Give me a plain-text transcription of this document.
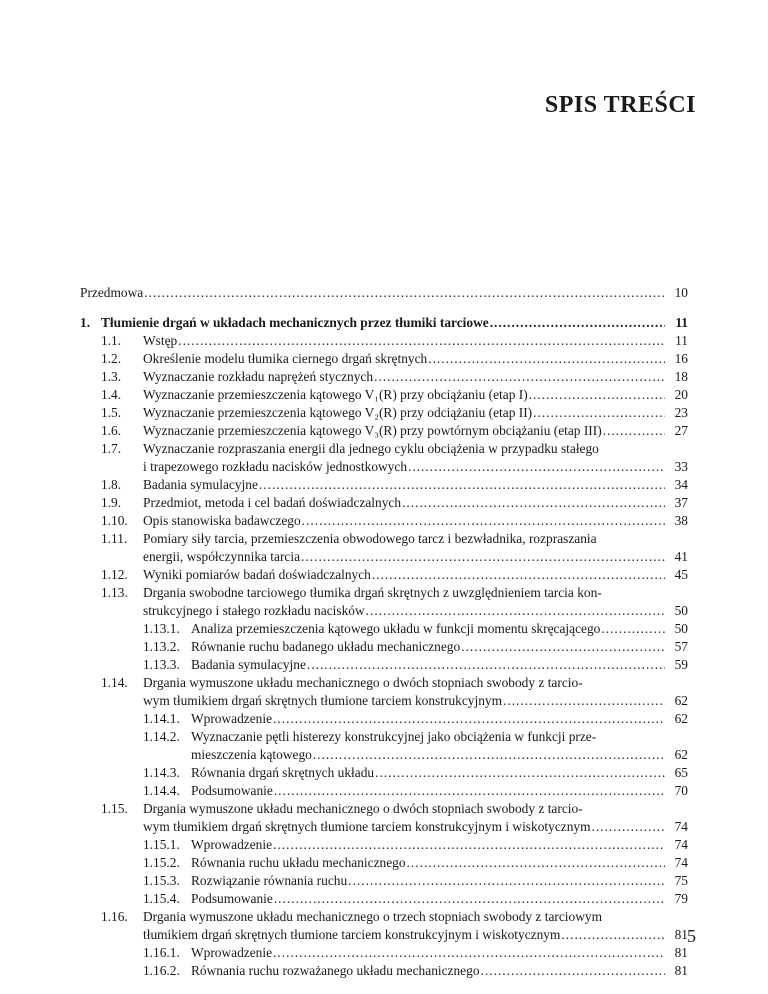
SPIS TREŚCI
Przedmowa .....	10
1. Tłumienie drgań w układach mechanicznych przez tłumiki tarciowe .....	11
1.1.	Wstęp .....	11
1.2.	Określenie modelu tłumika ciernego drgań skrętnych .....	16
1.3.	Wyznaczanie rozkładu naprężeń stycznych .....	18
1.4.	Wyznaczanie przemieszczenia kątowego V₁(R) przy obciążaniu (etap I) .....	20
1.5.	Wyznaczanie przemieszczenia kątowego V₂(R) przy odciążaniu (etap II) .....	23
1.6.	Wyznaczanie przemieszczenia kątowego V₃(R) przy powtórnym obciążaniu (etap III) .....	27
1.7.	Wyznaczanie rozpraszania energii dla jednego cyklu obciążenia w przypadku stałego
i trapezowego rozkładu nacisków jednostkowych .....	33
1.8.	Badania symulacyjne .....	34
1.9.	Przedmiot, metoda i cel badań doświadczalnych .....	37
1.10.	Opis stanowiska badawczego .....	38
1.11.	Pomiary siły tarcia, przemieszczenia obwodowego tarcz i bezwładnika, rozpraszania
energii, współczynnika tarcia .....	41
1.12.	Wyniki pomiarów badań doświadczalnych .....	45
1.13.	Drgania swobodne tarciowego tłumika drgań skrętnych z uwzględnieniem tarcia kon-
strukcyjnego i stałego rozkładu nacisków .....	50
1.13.1. Analiza przemieszczenia kątowego układu w funkcji momentu skręcającego .....	50
1.13.2. Równanie ruchu badanego układu mechanicznego .....	57
1.13.3. Badania symulacyjne .....	59
1.14.	Drgania wymuszone układu mechanicznego o dwóch stopniach swobody z tarcio-
wym tłumikiem drgań skrętnych tłumione tarciem konstrukcyjnym .....	62
1.14.1. Wprowadzenie .....	62
1.14.2. Wyznaczanie pętli histerezy konstrukcyjnej jako obciążenia w funkcji prze-
mieszczenia kątowego .....	62
1.14.3. Równania drgań skrętnych układu .....	65
1.14.4. Podsumowanie .....	70
1.15.	Drgania wymuszone układu mechanicznego o dwóch stopniach swobody z tarcio-
wym tłumikiem drgań skrętnych tłumione tarciem konstrukcyjnym i wiskotycznym .....	74
1.15.1. Wprowadzenie .....	74
1.15.2. Równania ruchu układu mechanicznego .....	74
1.15.3. Rozwiązanie równania ruchu .....	75
1.15.4. Podsumowanie .....	79
1.16.	Drgania wymuszone układu mechanicznego o trzech stopniach swobody z tarciowym
tłumikiem drgań skrętnych tłumione tarciem konstrukcyjnym i wiskotycznym .....	81
1.16.1. Wprowadzenie .....	81
1.16.2. Równania ruchu rozważanego układu mechanicznego .....	81
5
